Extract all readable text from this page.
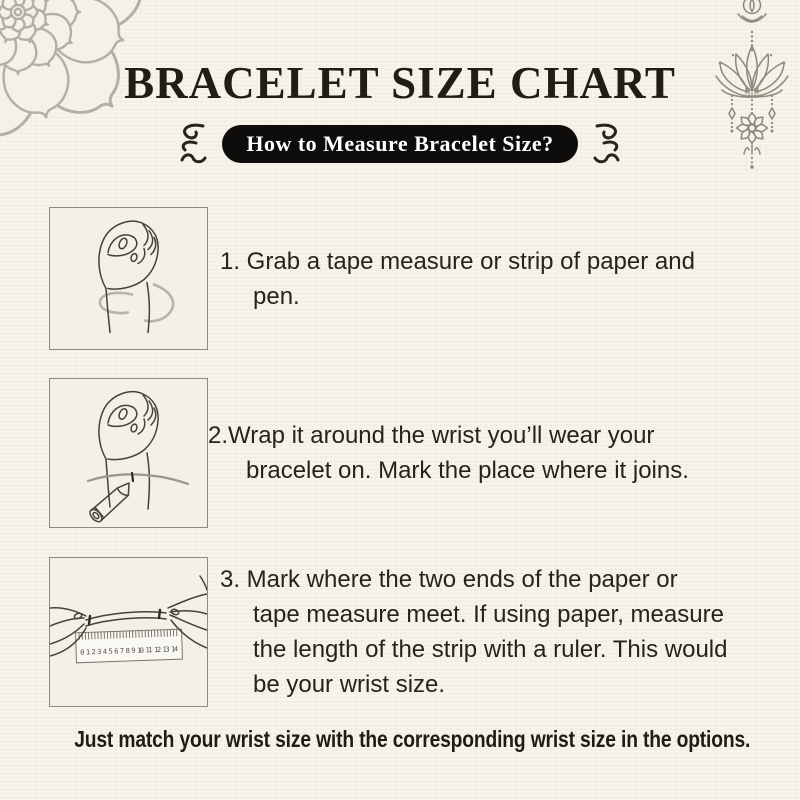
BRACELET SIZE CHART
How to Measure Bracelet Size?
1. Grab a tape measure or strip of paper and
pen.
2.Wrap it around the wrist you’ll wear your
bracelet on. Mark the place where it joins.
0 1 2 3 4 5 6 7 8 9 10 11 12 13 14
3. Mark where the two ends of the paper or
tape measure meet. If using paper, measure
the length of the strip with a ruler. This would
be your wrist size.

Just match your wrist size with the corresponding wrist size in the options.
